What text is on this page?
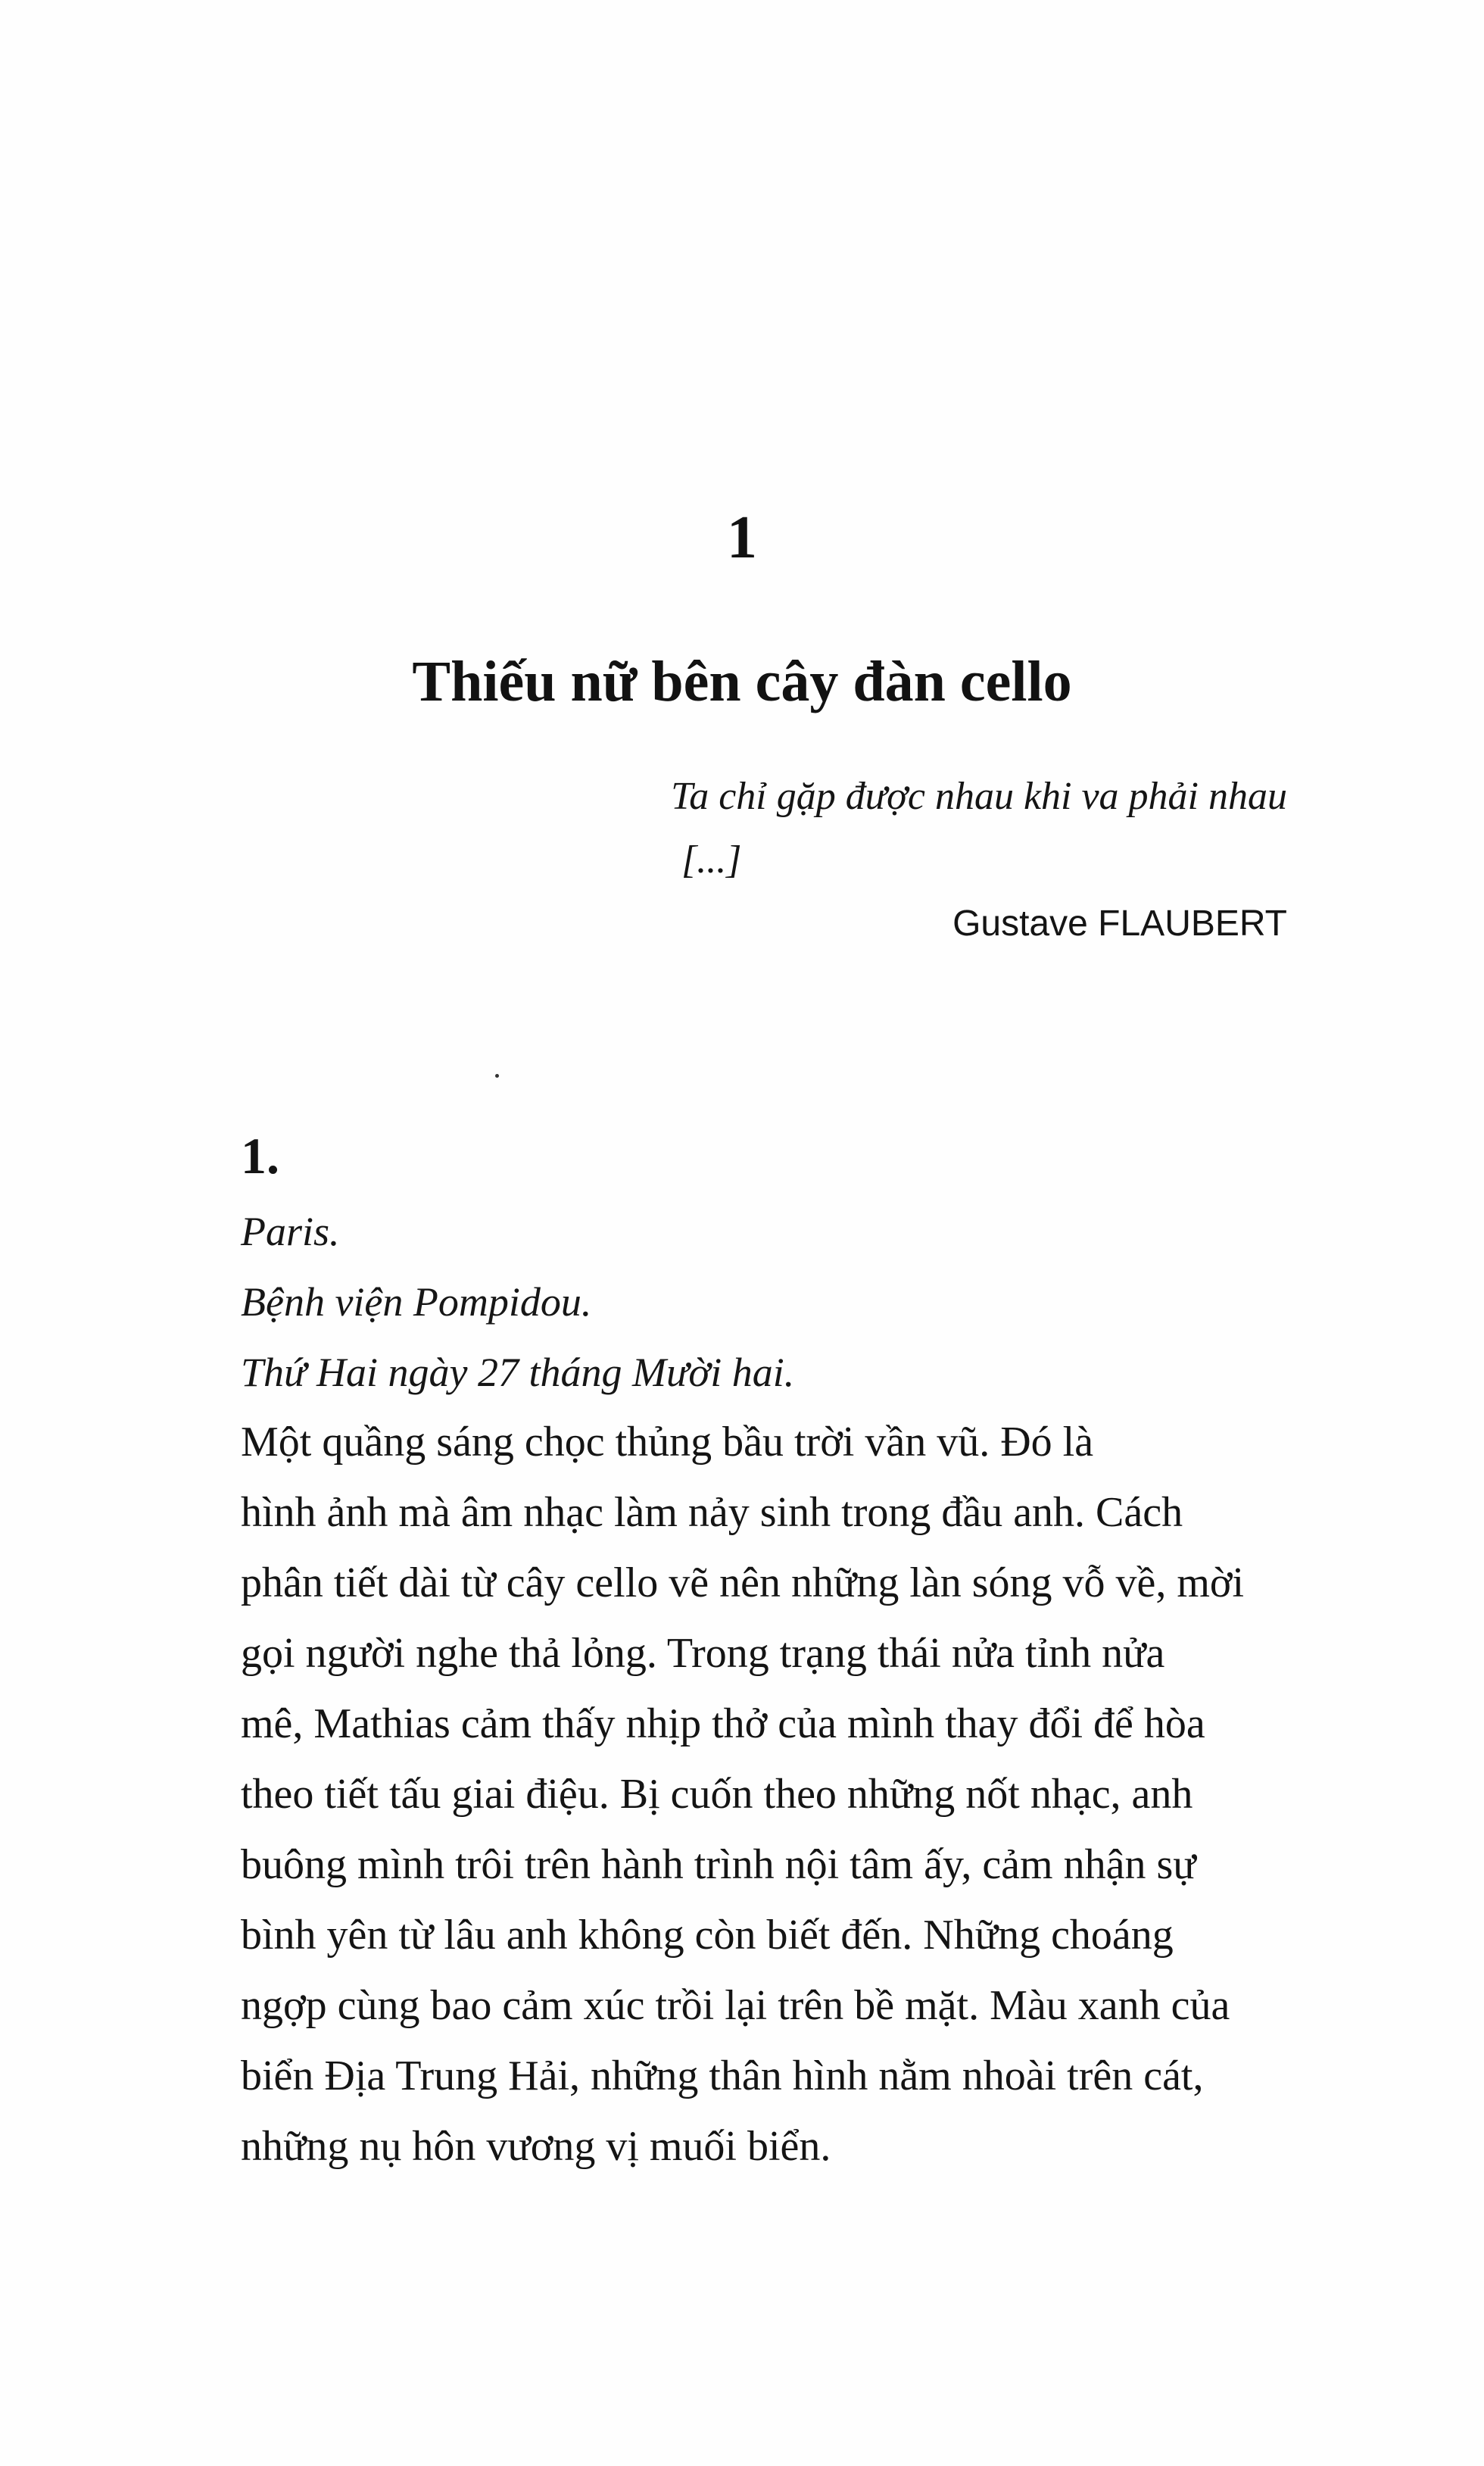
1
Thiếu nữ bên cây đàn cello
Ta chỉ gặp được nhau khi va phải nhau
[...]
Gustave FLAUBERT
1.
Paris.
Bệnh viện Pompidou.
Thứ Hai ngày 27 tháng Mười hai.
Một quầng sáng chọc thủng bầu trời vần vũ. Đó là
hình ảnh mà âm nhạc làm nảy sinh trong đầu anh. Cách
phân tiết dài từ cây cello vẽ nên những làn sóng vỗ về, mời
gọi người nghe thả lỏng. Trong trạng thái nửa tỉnh nửa
mê, Mathias cảm thấy nhịp thở của mình thay đổi để hòa
theo tiết tấu giai điệu. Bị cuốn theo những nốt nhạc, anh
buông mình trôi trên hành trình nội tâm ấy, cảm nhận sự
bình yên từ lâu anh không còn biết đến. Những choáng
ngợp cùng bao cảm xúc trồi lại trên bề mặt. Màu xanh của
biển Địa Trung Hải, những thân hình nằm nhoài trên cát,
những nụ hôn vương vị muối biển.
